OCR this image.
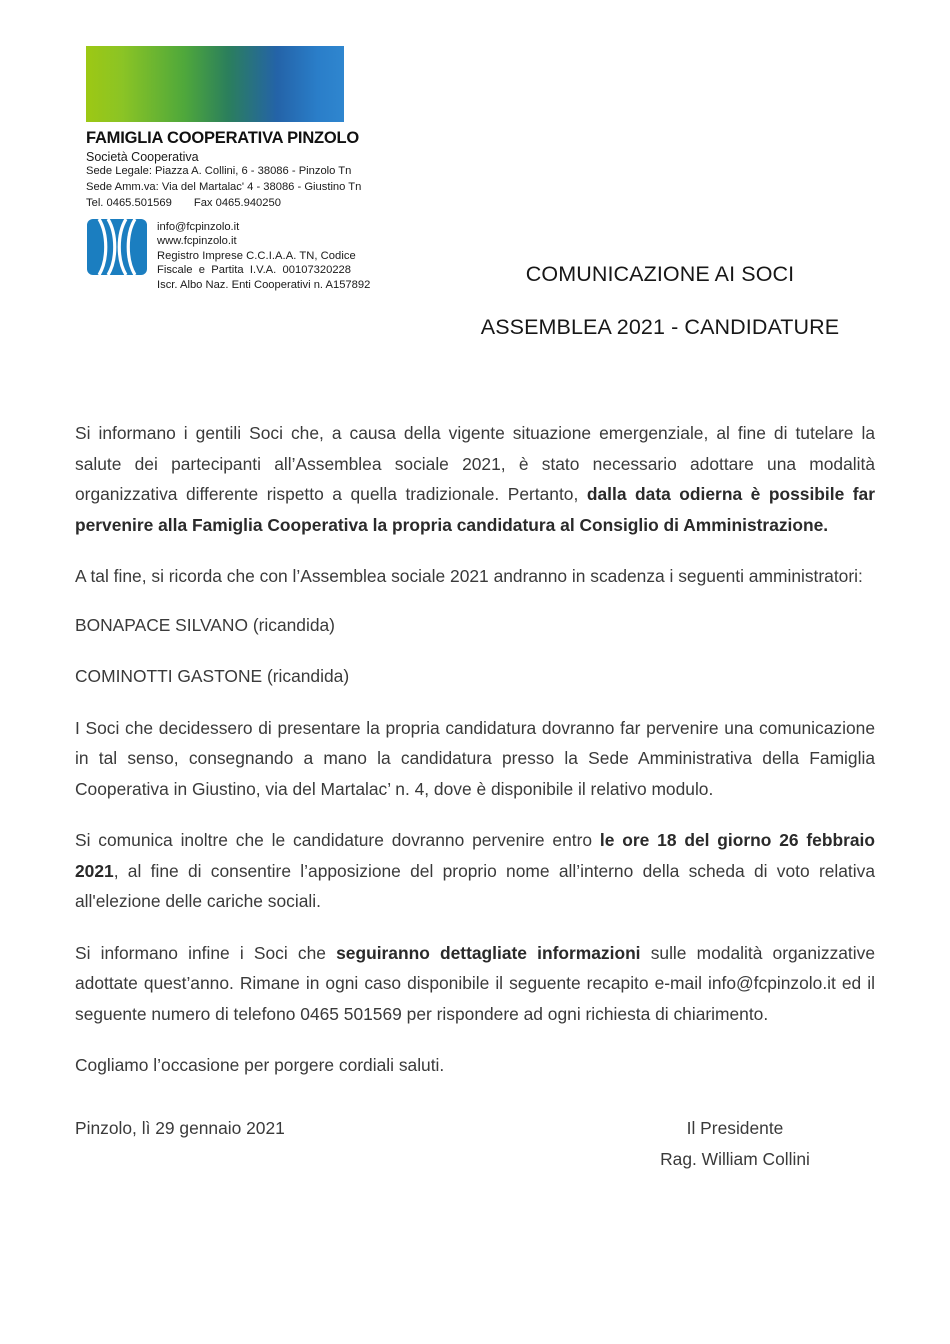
FAMIGLIA COOPERATIVA PINZOLO
Società Cooperativa
Sede Legale: Piazza A. Collini, 6 - 38086 - Pinzolo Tn
Sede Amm.va: Via del Martalac' 4 - 38086 - Giustino Tn
Tel. 0465.501569 Fax 0465.940250
info@fcpinzolo.it
www.fcpinzolo.it
Registro Imprese C.C.I.A.A. TN, Codice
Fiscale e Partita I.V.A. 00107320228
Iscr. Albo Naz. Enti Cooperativi n. A157892	COMUNICAZIONE AI SOCI
ASSEMBLEA 2021 - CANDIDATURE

Si informano i gentili Soci che, a causa della vigente situazione emergenziale, al fine di tutelare la salute dei partecipanti all’Assemblea sociale 2021, è stato necessario adottare una modalità organizzativa differente rispetto a quella tradizionale. Pertanto, dalla data odierna è possibile far pervenire alla Famiglia Cooperativa la propria candidatura al Consiglio di Amministrazione.

A tal fine, si ricorda che con l’Assemblea sociale 2021 andranno in scadenza i seguenti amministratori:

BONAPACE SILVANO (ricandida)

COMINOTTI GASTONE (ricandida)

I Soci che decidessero di presentare la propria candidatura dovranno far pervenire una comunicazione in tal senso, consegnando a mano la candidatura presso la Sede Amministrativa della Famiglia Cooperativa in Giustino, via del Martalac’ n. 4, dove è disponibile il relativo modulo.

Si comunica inoltre che le candidature dovranno pervenire entro le ore 18 del giorno 26 febbraio 2021, al fine di consentire l’apposizione del proprio nome all’interno della scheda di voto relativa all'elezione delle cariche sociali.

Si informano infine i Soci che seguiranno dettagliate informazioni sulle modalità organizzative adottate quest’anno. Rimane in ogni caso disponibile il seguente recapito e-mail info@fcpinzolo.it ed il seguente numero di telefono 0465 501569 per rispondere ad ogni richiesta di chiarimento.

Cogliamo l’occasione per porgere cordiali saluti.

Pinzolo, lì 29 gennaio 2021	Il Presidente
Rag. William Collini
